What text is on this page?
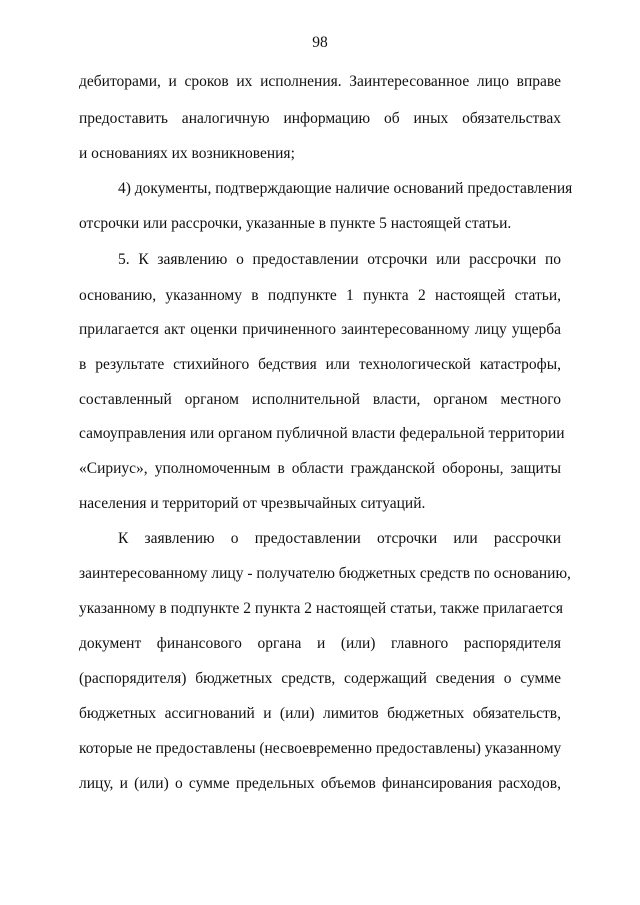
98
дебиторами, и сроков их исполнения. Заинтересованное лицо вправе
предоставить аналогичную информацию об иных обязательствах
и основаниях их возникновения;
4) документы, подтверждающие наличие оснований предоставления
отсрочки или рассрочки, указанные в пункте 5 настоящей статьи.
5. К заявлению о предоставлении отсрочки или рассрочки по
основанию, указанному в подпункте 1 пункта 2 настоящей статьи,
прилагается акт оценки причиненного заинтересованному лицу ущерба
в результате стихийного бедствия или технологической катастрофы,
составленный органом исполнительной власти, органом местного
самоуправления или органом публичной власти федеральной территории
«Сириус», уполномоченным в области гражданской обороны, защиты
населения и территорий от чрезвычайных ситуаций.
К заявлению о предоставлении отсрочки или рассрочки
заинтересованному лицу - получателю бюджетных средств по основанию,
указанному в подпункте 2 пункта 2 настоящей статьи, также прилагается
документ финансового органа и (или) главного распорядителя
(распорядителя) бюджетных средств, содержащий сведения о сумме
бюджетных ассигнований и (или) лимитов бюджетных обязательств,
которые не предоставлены (несвоевременно предоставлены) указанному
лицу, и (или) о сумме предельных объемов финансирования расходов,
